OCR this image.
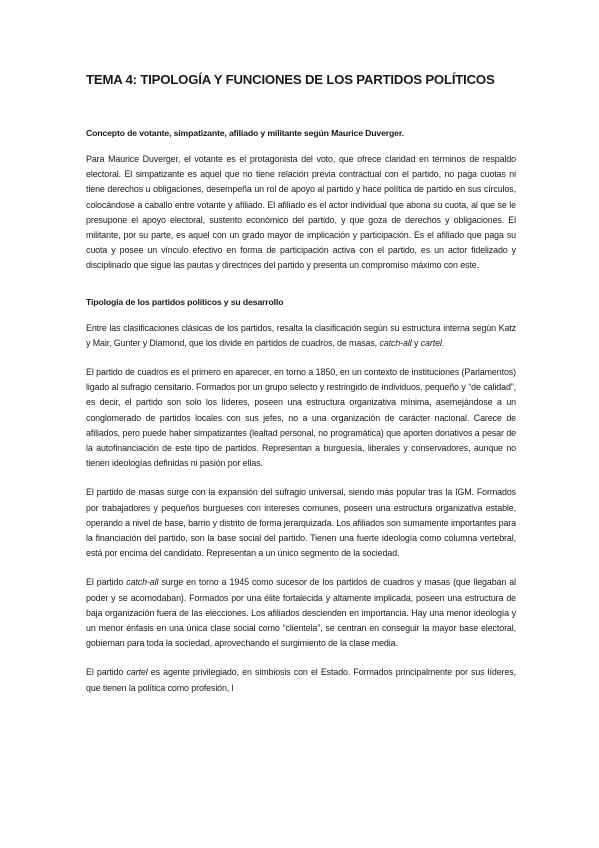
TEMA 4: TIPOLOGÍA Y FUNCIONES DE LOS PARTIDOS POLÍTICOS
Concepto de votante, simpatizante, afiliado y militante según Maurice Duverger.

Para Maurice Duverger, el votante es el protagonista del voto, que ofrece claridad en términos de respaldo electoral. El simpatizante es aquel que no tiene relación previa contractual con el partido, no paga cuotas ni tiene derechos u obligaciones, desempeña un rol de apoyo al partido y hace política de partido en sus círculos, colocándose a caballo entre votante y afiliado. El afiliado es el actor individual que abona su cuota, al que se le presupone el apoyo electoral, sustento económico del partido, y que goza de derechos y obligaciones. El militante, por su parte, es aquel con un grado mayor de implicación y participación. Es el afiliado que paga su cuota y posee un vínculo efectivo en forma de participación activa con el partido, es un actor fidelizado y disciplinado que sigue las pautas y directrices del partido y presenta un compromiso máximo con este.

Tipología de los partidos políticos y su desarrollo

Entre las clasificaciones clásicas de los partidos, resalta la clasificación según su estructura interna según Katz y Mair, Gunter y Diamond, que los divide en partidos de cuadros, de masas, catch-all y cartel.

El partido de cuadros es el primero en aparecer, en torno a 1850, en un contexto de instituciones (Parlamentos) ligado al sufragio censitario. Formados por un grupo selecto y restringido de individuos, pequeño y “de calidad”, es decir, el partido son solo los líderes, poseen una estructura organizativa mínima, asemejándose a un conglomerado de partidos locales con sus jefes, no a una organización de carácter nacional. Carece de afiliados, pero puede haber simpatizantes (lealtad personal, no programática) que aporten donativos a pesar de la autofinanciación de este tipo de partidos. Representan a burguesía, liberales y conservadores, aunque no tienen ideologías definidas ni pasión por ellas.

El partido de masas surge con la expansión del sufragio universal, siendo más popular tras la IGM. Formados por trabajadores y pequeños burgueses con intereses comunes, poseen una estructura organizativa estable, operando a nivel de base, barrio y distrito de forma jerarquizada. Los afiliados son sumamente importantes para la financiación del partido, son la base social del partido. Tienen una fuerte ideología como columna vertebral, está por encima del candidato. Representan a un único segmento de la sociedad.

El partido catch-all surge en torno a 1945 como sucesor de los partidos de cuadros y masas (que llegaban al poder y se acomodaban). Formados por una élite fortalecida y altamente implicada, poseen una estructura de baja organización fuera de las elecciones. Los afiliados descienden en importancia. Hay una menor ideología y un menor énfasis en una única clase social como “clientela”, se centran en conseguir la mayor base electoral, gobiernan para toda la sociedad, aprovechando el surgimiento de la clase media.

El partido cartel es agente privilegiado, en simbiosis con el Estado. Formados principalmente por sus líderes, que tienen la política como profesión, l
